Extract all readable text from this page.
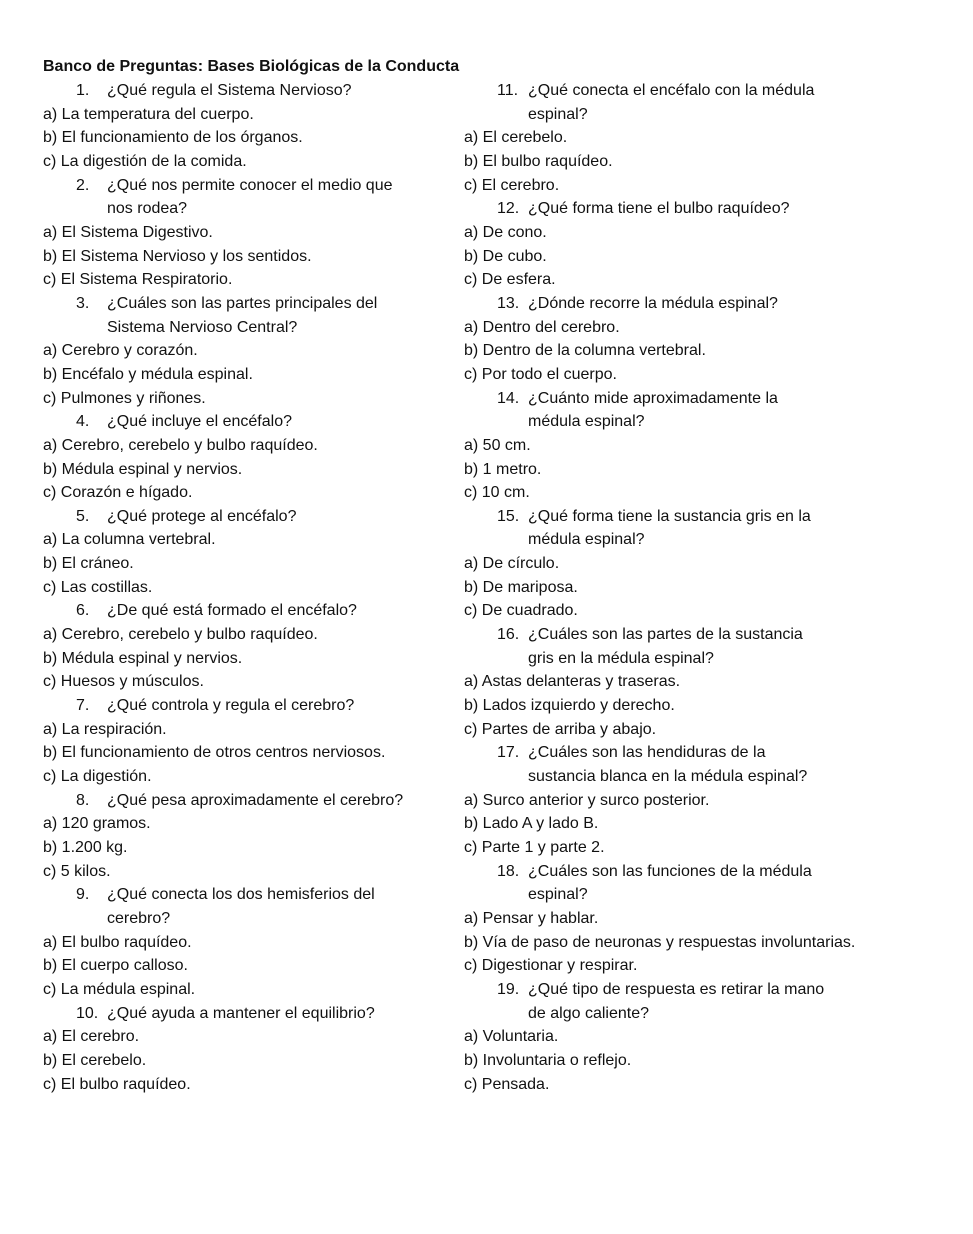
Banco de Preguntas: Bases Biológicas de la Conducta
1.	¿Qué regula el Sistema Nervioso?
a) La temperatura del cuerpo.
b) El funcionamiento de los órganos.
c) La digestión de la comida.
2.	¿Qué nos permite conocer el medio que nos rodea?
a) El Sistema Digestivo.
b) El Sistema Nervioso y los sentidos.
c) El Sistema Respiratorio.
3.	¿Cuáles son las partes principales del Sistema Nervioso Central?
a) Cerebro y corazón.
b) Encéfalo y médula espinal.
c) Pulmones y riñones.
4.	¿Qué incluye el encéfalo?
a) Cerebro, cerebelo y bulbo raquídeo.
b) Médula espinal y nervios.
c) Corazón e hígado.
5.	¿Qué protege al encéfalo?
a) La columna vertebral.
b) El cráneo.
c) Las costillas.
6.	¿De qué está formado el encéfalo?
a) Cerebro, cerebelo y bulbo raquídeo.
b) Médula espinal y nervios.
c) Huesos y músculos.
7.	¿Qué controla y regula el cerebro?
a) La respiración.
b) El funcionamiento de otros centros nerviosos.
c) La digestión.
8.	¿Qué pesa aproximadamente el cerebro?
a) 120 gramos.
b) 1.200 kg.
c) 5 kilos.
9.	¿Qué conecta los dos hemisferios del cerebro?
a) El bulbo raquídeo.
b) El cuerpo calloso.
c) La médula espinal.
10. ¿Qué ayuda a mantener el equilibrio?
a) El cerebro.
b) El cerebelo.
c) El bulbo raquídeo.
11. ¿Qué conecta el encéfalo con la médula espinal?
a) El cerebelo.
b) El bulbo raquídeo.
c) El cerebro.
12. ¿Qué forma tiene el bulbo raquídeo?
a) De cono.
b) De cubo.
c) De esfera.
13. ¿Dónde recorre la médula espinal?
a) Dentro del cerebro.
b) Dentro de la columna vertebral.
c) Por todo el cuerpo.
14. ¿Cuánto mide aproximadamente la médula espinal?
a) 50 cm.
b) 1 metro.
c) 10 cm.
15. ¿Qué forma tiene la sustancia gris en la médula espinal?
a) De círculo.
b) De mariposa.
c) De cuadrado.
16. ¿Cuáles son las partes de la sustancia gris en la médula espinal?
a) Astas delanteras y traseras.
b) Lados izquierdo y derecho.
c) Partes de arriba y abajo.
17. ¿Cuáles son las hendiduras de la sustancia blanca en la médula espinal?
a) Surco anterior y surco posterior.
b) Lado A y lado B.
c) Parte 1 y parte 2.
18. ¿Cuáles son las funciones de la médula espinal?
a) Pensar y hablar.
b) Vía de paso de neuronas y respuestas involuntarias.
c) Digestionar y respirar.
19. ¿Qué tipo de respuesta es retirar la mano de algo caliente?
a) Voluntaria.
b) Involuntaria o reflejo.
c) Pensada.
